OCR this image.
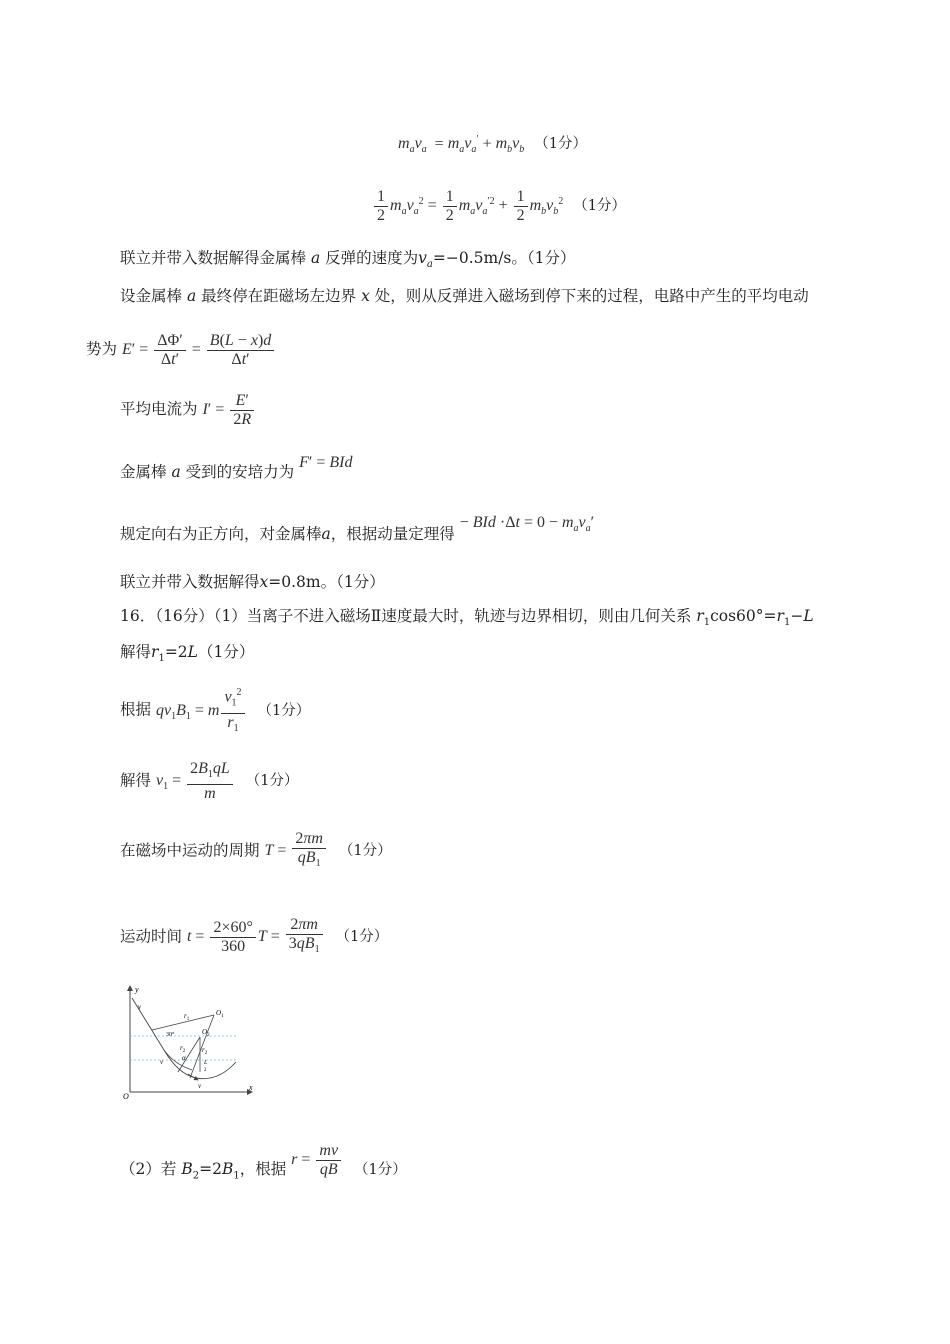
$m_av_a = m_av_a' + m_bv_b$ （1分）
$\frac{1}{2} m_av_a^2 = \frac{1}{2} m_av_a^{'2} + \frac{1}{2} m_bv_b^2$ （1分）
联立并带入数据解得金属棒 a 反弹的速度为$v_a=-0.5m/s$。（1分）
设金属棒 a 最终停在距磁场左边界 x 处，则从反弹进入磁场到停下来的过程，电路中产生的平均电动
势为 $E' = \frac{\Delta\Phi'}{\Delta t'} = \frac{B(L - x)d}{\Delta t'}$
平均电流为 $I' = \frac{E'}{2R}$
金属棒 a 受到的安培力为 F′ = BId
规定向右为正方向，对金属棒a，根据动量定理得 − BId $\cdot\Delta t = 0 - m_av_a'$
联立并带入数据解得x=0.8m。（1分）
16．（16分）（1）当离子不进入磁场Ⅱ速度最大时，轨迹与边界相切，则由几何关系 $r_1\cos 60^\circ=r_1-L$
解得$r_1=2L(1$分）
根据 $qv_1B_1 = m \frac{v_1^2}{r_1} (1$分）
解得 $v_1 = \frac{2B_1qL}{m} (1$分）
在磁场中运动的周期 $T = \frac{2\pi m}{qB_1} (1$分）
运动时间 $t = \frac{2\times 60^\circ}{360}$ $T = \frac{2\pi m}{3qB_1} (1$分）
y
x
O
v
v
v
$O_1$
$O_2$
$r_1$
$r_2$
$r_2$
30°
α
L
2
（2）若 $B_2=2B_1$，根据 $r = \frac{mv}{qB} (1$分）
